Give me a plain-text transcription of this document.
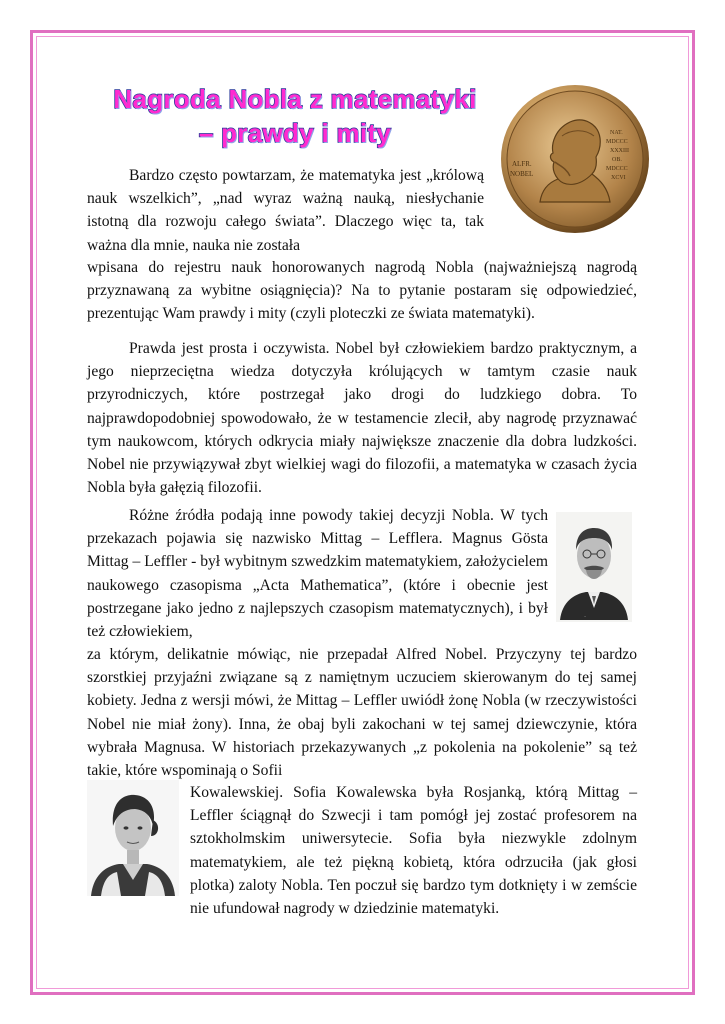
Nagroda Nobla z matematyki
– prawdy i mity
ALFR.
NOBEL
NAT.
MDCCC
XXXIII
OB.
MDCCC
XCVI

Bardzo często powtarzam, że matematyka jest „królową nauk wszelkich”, „nad wyraz ważną nauką, niesłychanie istotną dla rozwoju całego świata”. Dlaczego więc ta, tak ważna dla mnie, nauka nie została

wpisana do rejestru nauk honorowanych nagrodą Nobla (najważniejszą nagrodą przyznawaną za wybitne osiągnięcia)? Na to pytanie postaram się odpowiedzieć, prezentując Wam prawdy i mity (czyli ploteczki ze świata matematyki).

Prawda jest prosta i oczywista. Nobel był człowiekiem bardzo praktycznym, a jego nieprzeciętna wiedza dotyczyła królujących w tamtym czasie nauk przyrodniczych, które postrzegał jako drogi do ludzkiego dobra. To najprawdopodobniej spowodowało, że w testamencie zlecił, aby nagrodę przyznawać tym naukowcom, których odkrycia miały największe znaczenie dla dobra ludzkości. Nobel nie przywiązywał zbyt wielkiej wagi do filozofii, a matematyka w czasach życia Nobla była gałęzią filozofii.

Różne źródła podają inne powody takiej decyzji Nobla. W tych przekazach pojawia się nazwisko Mittag – Lefflera. Magnus Gösta Mittag – Leffler - był wybitnym szwedzkim matematykiem, założycielem naukowego czasopisma „Acta Mathematica”, (które i obecnie jest postrzegane jako jedno z najlepszych czasopism matematycznych), i był też człowiekiem,

~

za którym, delikatnie mówiąc, nie przepadał Alfred Nobel. Przyczyny tej bardzo szorstkiej przyjaźni związane są z namiętnym uczuciem skierowanym do tej samej kobiety. Jedna z wersji mówi, że Mittag – Leffler uwiódł żonę Nobla (w rzeczywistości Nobel nie miał żony). Inna, że obaj byli zakochani w tej samej dziewczynie, która wybrała Magnusa. W historiach przekazywanych „z pokolenia na pokolenie” są też takie, które wspominają o Sofii

Kowalewskiej. Sofia Kowalewska była Rosjanką, którą Mittag – Leffler ściągnął do Szwecji i tam pomógł jej zostać profesorem na sztokholmskim uniwersytecie. Sofia była niezwykle zdolnym matematykiem, ale też piękną kobietą, która odrzuciła (jak głosi plotka) zaloty Nobla. Ten poczuł się bardzo tym dotknięty i w zemście nie ufundował nagrody w dziedzinie matematyki.
